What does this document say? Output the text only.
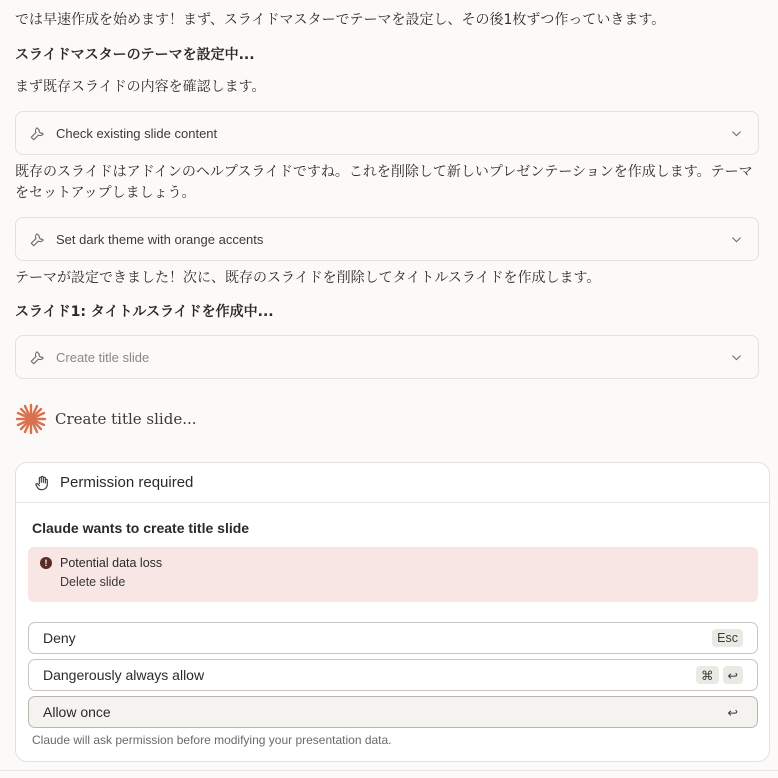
では早速作成を始めます！まず、スライドマスターでテーマを設定し、その後1枚ずつ作っていきます。

スライドマスターのテーマを設定中...

まず既存スライドの内容を確認します。

Check existing slide content

既存のスライドはアドインのヘルプスライドですね。これを削除して新しいプレゼンテーションを作成します。テーマをセットアップしましょう。

Set dark theme with orange accents

テーマが設定できました！次に、既存のスライドを削除してタイトルスライドを作成します。

スライド1: タイトルスライドを作成中...

Create title slide
Create title slide...
Permission required

Claude wants to create title slide

!	Potential data loss
Delete slide
Deny	Esc
Dangerously always allow	⌘	↩
Allow once	↩

Claude will ask permission before modifying your presentation data.
